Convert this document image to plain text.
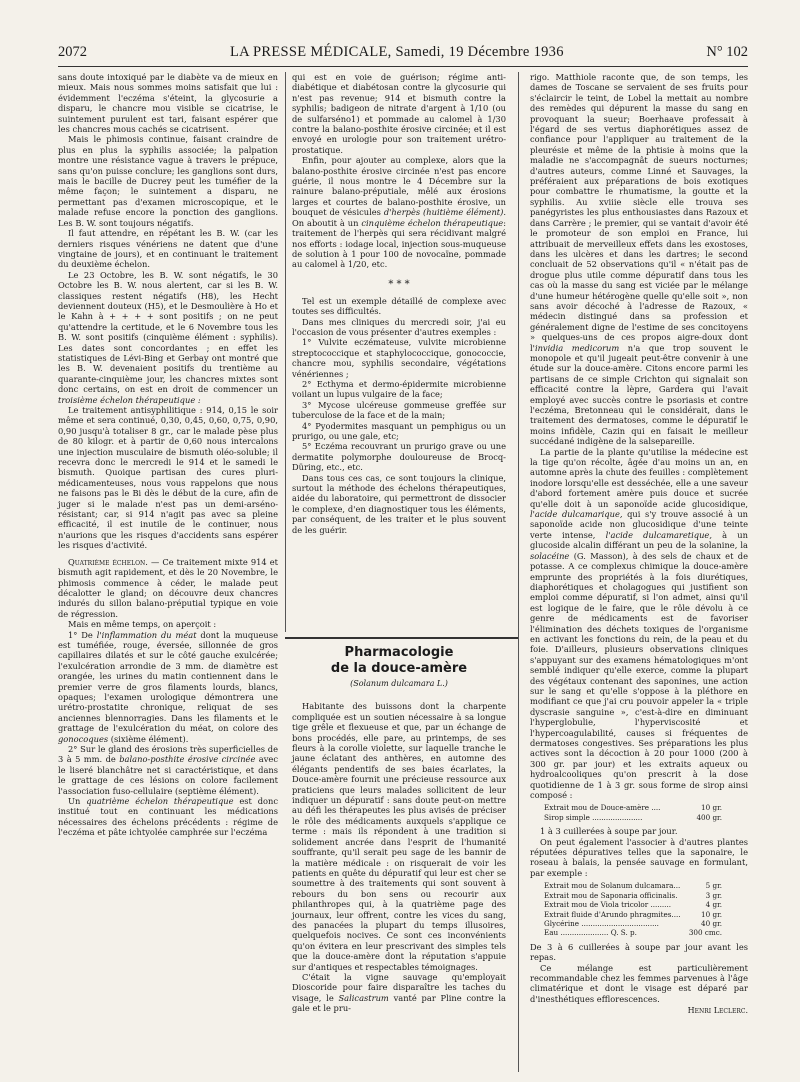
2072	LA PRESSE MÉDICALE, Samedi, 19 Décembre 1936	N° 102

sans doute intoxiqué par le diabète va de mieux en mieux. Mais nous sommes moins satisfait que lui : évidemment l'eczéma s'éteint, la glycosurie a disparu, le chancre mou visible se cicatrise, le suintement purulent est tari, faisant espérer que les chancres mous cachés se cicatrisent.

Mais le phimosis continue, faisant craindre de plus en plus la syphilis associée; la palpation montre une résistance vague à travers le prépuce, sans qu'on puisse conclure; les ganglions sont durs, mais le bacille de Ducrey peut les tuméfier de la même façon; le suintement a disparu, ne permettant pas d'examen microscopique, et le malade refuse encore la ponction des ganglions. Les B. W. sont toujours négatifs.

Il faut attendre, en répétant les B. W. (car les derniers risques vénériens ne datent que d'une vingtaine de jours), et en continuant le traitement du deuxième échelon.

Le 23 Octobre, les B. W. sont négatifs, le 30 Octobre les B. W. nous alertent, car si les B. W. classiques restent négatifs (H8), les Hecht deviennent douteux (H5), et le Desmoulière à Ho et le Kahn à + + + + sont positifs ; on ne peut qu'attendre la certitude, et le 6 Novembre tous les B. W. sont positifs (cinquième élément : syphilis). Les dates sont concordantes ; en effet les statistiques de Lévi-Bing et Gerbay ont montré que les B. W. devenaient positifs du trentième au quarante-cinquième jour, les chancres mixtes sont donc certains, on est en droit de commencer un troisième échelon thérapeutique :

Le traitement antisyphilitique : 914, 0,15 le soir même et sera continué, 0,30, 0,45, 0,60, 0,75, 0,90, 0,90 jusqu'à totaliser 8 gr., car le malade pèse plus de 80 kilogr. et à partir de 0,60 nous intercalons une injection musculaire de bismuth oléo-soluble; il recevra donc le mercredi le 914 et le samedi le bismuth. Quoique partisan des cures pluri-médicamenteuses, nous vous rappelons que nous ne faisons pas le Bi dès le début de la cure, afin de juger si le malade n'est pas un demi-arséno-résistant; car, si 914 n'agit pas avec sa pleine efficacité, il est inutile de le continuer, nous n'aurions que les risques d'accidents sans espérer les risques d'activité.

Quatrième échelon. — Ce traitement mixte 914 et bismuth agit rapidement, et dès le 20 Novembre, le phimosis commence à céder, le malade peut décalotter le gland; on découvre deux chancres indurés du sillon balano-préputial typique en voie de régression.

Mais en même temps, on aperçoit :

1° De l'inflammation du méat dont la muqueuse est tuméfiée, rouge, éversée, sillonnée de gros capillaires dilatés et sur le côté gauche exulcérée; l'exulcération arrondie de 3 mm. de diamètre est orangée, les urines du matin contiennent dans le premier verre de gros filaments lourds, blancs, opaques; l'examen urologique démontrera une urétro-prostatite chronique, reliquat de ses anciennes blennorragies. Dans les filaments et le grattage de l'exulcération du méat, on colore des gonocoques (sixième élément).

2° Sur le gland des érosions très superficielles de 3 à 5 mm. de balano-posthite érosive circinée avec le liseré blanchâtre net si caractéristique, et dans le grattage de ces lésions on colore facilement l'association fuso-cellulaire (septième élément).

Un quatrième échelon thérapeutique est donc institué tout en continuant les médications nécessaires des échelons précédents : régime de l'eczéma et pâte ichtyolée camphrée sur l'eczéma

qui est en voie de guérison; régime anti-diabétique et diabétosan contre la glycosurie qui n'est pas revenue; 914 et bismuth contre la syphilis; badigeon de nitrate d'argent à 1/10 (ou de sulfarséno1) et pommade au calomel à 1/30 contre la balano-posthite érosive circinée; et il est envoyé en urologie pour son traitement urétro-prostatique.

Enfin, pour ajouter au complexe, alors que la balano-posthite érosive circinée n'est pas encore guérie, il nous montre le 4 Décembre sur la rainure balano-préputiale, mêlé aux érosions larges et courtes de balano-posthite érosive, un bouquet de vésicules d'herpès (huitième élément). On aboutit à un cinquième échelon thérapeutique: traitement de l'herpès qui sera récidivant malgré nos efforts : iodage local, injection sous-muqueuse de solution à 1 pour 100 de novocaïne, pommade au calomel à 1/20, etc.

* * *

Tel est un exemple détaillé de complexe avec toutes ses difficultés.

Dans mes cliniques du mercredi soir, j'ai eu l'occasion de vous présenter d'autres exemples :

1° Vulvite eczémateuse, vulvite microbienne streptococcique et staphylococcique, gonococcie, chancre mou, syphilis secondaire, végétations vénériennes ;

2° Ecthyma et dermo-épidermite microbienne voilant un lupus vulgaire de la face;

3° Mycose ulcéreuse gommeuse greffée sur tuberculose de la face et de la main;

4° Pyodermites masquant un pemphigus ou un prurigo, ou une gale, etc;

5° Eczéma recouvrant un prurigo grave ou une dermatite polymorphe douloureuse de Brocq-Düring, etc., etc.

Dans tous ces cas, ce sont toujours la clinique, surtout la méthode des échelons thérapeutiques, aidée du laboratoire, qui permettront de dissocier le complexe, d'en diagnostiquer tous les éléments, par conséquent, de les traiter et le plus souvent de les guérir.

Pharmacologie
de la douce-amère
(Solanum dulcamara L.)

Habitante des buissons dont la charpente compliquée est un soutien nécessaire à sa longue tige grêle et flexueuse et que, par un échange de bons procédés, elle pare, au printemps, de ses fleurs à la corolle violette, sur laquelle tranche le jaune éclatant des anthères, en automne des élégants pendentifs de ses baies écarlates, la Douce-amère fournit une précieuse ressource aux praticiens que leurs malades sollicitent de leur indiquer un dépuratif : sans doute peut-on mettre au défi les thérapeutes les plus avisés de préciser le rôle des médicaments auxquels s'applique ce terme : mais ils répondent à une tradition si solidement ancrée dans l'esprit de l'humanité souffrante, qu'il serait peu sage de les bannir de la matière médicale : on risquerait de voir les patients en quête du dépuratif qui leur est cher se soumettre à des traitements qui sont souvent à rebours du bon sens ou recourir aux philanthropes qui, à la quatrième page des journaux, leur offrent, contre les vices du sang, des panacées la plupart du temps illusoires, quelquefois nocives. Ce sont ces inconvénients qu'on évitera en leur prescrivant des simples tels que la douce-amère dont la réputation s'appuie sur d'antiques et respectables témoignages.

C'était la vigne sauvage qu'employait Dioscoride pour faire disparaître les taches du visage, le Salicastrum vanté par Pline contre la gale et le pru-

rigo. Matthiole raconte que, de son temps, les dames de Toscane se servaient de ses fruits pour s'éclaircir le teint, de Lobel la mettait au nombre des remèdes qui dépurent la masse du sang en provoquant la sueur; Boerhaave professait à l'égard de ses vertus diaphorétiques assez de confiance pour l'appliquer au traitement de la pleurésie et même de la phtisie à moins que la maladie ne s'accompagnât de sueurs nocturnes; d'autres auteurs, comme Linné et Sauvages, la préféraient aux préparations de bois exotiques pour combattre le rhumatisme, la goutte et la syphilis. Au xviiie siècle elle trouva ses panégyristes les plus enthousiastes dans Razoux et dans Carrère ; le premier, qui se vantait d'avoir été le promoteur de son emploi en France, lui attribuait de merveilleux effets dans les exostoses, dans les ulcères et dans les dartres; le second concluait de 52 observations qu'il « n'était pas de drogue plus utile comme dépuratif dans tous les cas où la masse du sang est viciée par le mélange d'une humeur hétérogène quelle qu'elle soit », non sans avoir décoché à l'adresse de Razoux, « médecin distingué dans sa profession et généralement digne de l'estime de ses concitoyens » quelques-uns de ces propos aigre-doux dont l'invidia medicorum n'a que trop souvent le monopole et qu'il jugeait peut-être convenir à une étude sur la douce-amère. Citons encore parmi les partisans de ce simple Crichton qui signalait son efficacité contre la lèpre, Gardera qui l'avait employé avec succès contre le psoriasis et contre l'eczéma, Bretonneau qui le considérait, dans le traitement des dermatoses, comme le dépuratif le moins infidèle, Cazin qui en faisait le meilleur succédané indigène de la salsepareille.

La partie de la plante qu'utilise la médecine est la tige qu'on récolte, âgée d'au moins un an, en automne après la chute des feuilles : complètement inodore lorsqu'elle est desséchée, elle a une saveur d'abord fortement amère puis douce et sucrée qu'elle doit à un saponoïde acide glucosidique, l'acide dulcamarique, qui s'y trouve associé à un saponoïde acide non glucosidique d'une teinte verte intense, l'acide dulcamaretique, à un glucoside alcalin différant un peu de la solanine, la solacéine (G. Masson), à des sels de chaux et de potasse. A ce complexus chimique la douce-amère emprunte des propriétés à la fois diurétiques, diaphorétiques et cholagogues qui justifient son emploi comme dépuratif, si l'on admet, ainsi qu'il est logique de le faire, que le rôle dévolu à ce genre de médicaments est de favoriser l'élimination des déchets toxiques de l'organisme en activant les fonctions du rein, de la peau et du foie. D'ailleurs, plusieurs observations cliniques s'appuyant sur des examens hématologiques m'ont semblé indiquer qu'elle exerce, comme la plupart des végétaux contenant des saponines, une action sur le sang et qu'elle s'oppose à la pléthore en modifiant ce que j'ai cru pouvoir appeler la « triple dyscrasie sanguine », c'est-à-dire en diminuant l'hyperglobulie, l'hyperviscosité et l'hypercoagulabilité, causes si fréquentes de dermatoses congestives. Ses préparations les plus actives sont la décoction à 20 pour 1000 (200 à 300 gr. par jour) et les extraits aqueux ou hydroalcooliques qu'on prescrit à la dose quotidienne de 1 à 3 gr. sous forme de sirop ainsi composé :

Extrait mou de Douce-amère ....	10 gr.
Sirop simple ......................	400 gr.

1 à 3 cuillerées à soupe par jour.

On peut également l'associer à d'autres plantes réputées dépuratives telles que la saponaire, le roseau à balais, la pensée sauvage en formulant, par exemple :

Extrait mou de Solanum dulcamara...	5 gr.
Extrait mou de Saponaria officinalis.	3 gr.
Extrait mou de Viola tricolor .........	4 gr.
Extrait fluide d'Arundo phragmites....	10 gr.
Glycérine ..................................	40 gr.
Eau ..................... Q. S. p.	300 cmc.

De 3 à 6 cuillerées à soupe par jour avant les repas.

Ce mélange est particulièrement recommandable chez les femmes parvenues à l'âge climatérique et dont le visage est déparé par d'inesthétiques efflorescences.

Henri Leclerc.
